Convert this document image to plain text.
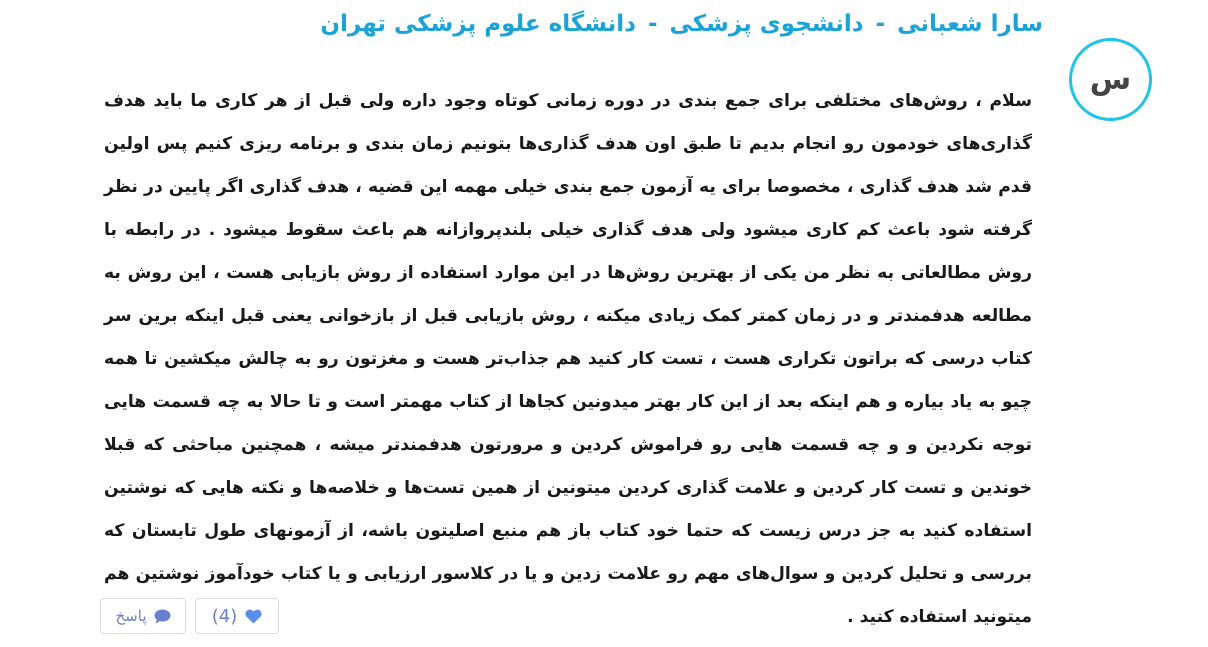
سارا شعبانی-دانشجوی پزشکی-دانشگاه علوم پزشکی تهران
س

سلام ، روش‌های مختلفی برای جمع بندی در دوره زمانی کوتاه وجود داره ولی قبل از هر کاری ما باید هدف گذاری‌های خودمون رو انجام بدیم تا طبق اون هدف گذاری‌ها بتونیم زمان بندی و برنامه ریزی کنیم پس اولین قدم شد هدف گذاری ، مخصوصا برای یه آزمون جمع بندی خیلی مهمه این قضیه ، هدف گذاری اگر پایین در نظر گرفته شود باعث کم کاری میشود ولی هدف گذاری خیلی بلندپروازانه هم باعث سقوط میشود . در رابطه با روش مطالعاتی به نظر من یکی از بهترین روش‌ها در این موارد استفاده از روش بازیابی هست ، این روش به مطالعه هدفمندتر و در زمان کمتر کمک زیادی میکنه ، روش بازیابی قبل از بازخوانی یعنی قبل اینکه برین سر کتاب درسی که براتون تکراری هست ، تست کار کنید هم جذاب‌تر هست و مغزتون رو به چالش میکشین تا همه چیو به یاد بیاره و هم اینکه بعد از این کار بهتر میدونین کجاها از کتاب مهمتر است و تا حالا به چه قسمت هایی توجه نکردین و و چه قسمت هایی رو فراموش کردین و مرورتون هدفمندتر میشه ، همچنین مباحثی که قبلا خوندین و تست کار کردین و علامت گذاری کردین میتونین از همین تست‌ها و خلاصه‌ها و نکته هایی که نوشتین استفاده کنید به جز درس زیست که حتما خود کتاب باز هم منبع اصلیتون باشه، از آزمونهای طول تابستان که بررسی و تحلیل کردین و سوال‌های مهم رو علامت زدین و یا در کلاسور ارزیابی و یا کتاب خودآموز نوشتین هم میتونید استفاده کنید .

پاسخ	(4)
